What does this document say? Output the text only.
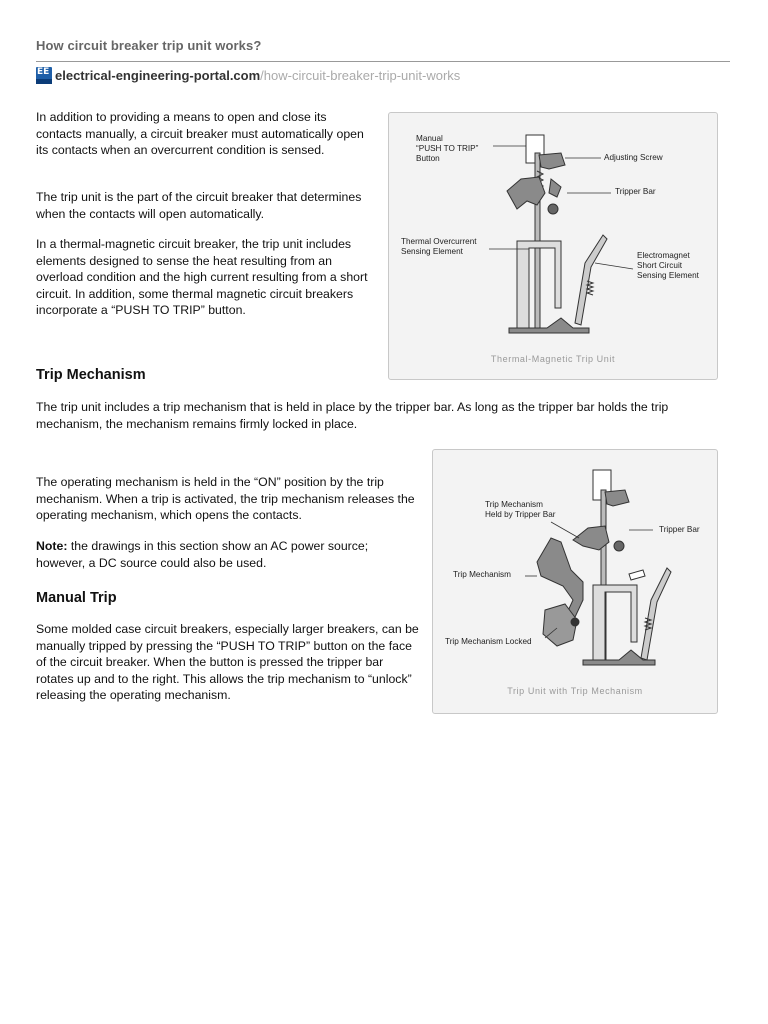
How circuit breaker trip unit works?
EE electrical-engineering-portal.com /how-circuit-breaker-trip-unit-works

In addition to providing a means to open and close its contacts manually, a circuit breaker must automatically open its contacts when an overcurrent condition is sensed.

The trip unit is the part of the circuit breaker that determines when the contacts will open automatically.

In a thermal-magnetic circuit breaker, the trip unit includes elements designed to sense the heat resulting from an overload condition and the high current resulting from a short circuit. In addition, some thermal magnetic circuit breakers incorporate a “PUSH TO TRIP” button.

Manual
“PUSH TO TRIP”
Button	Adjusting Screw
Tripper Bar
Thermal Overcurrent
Sensing Element	Electromagnet
Short Circuit
Sensing Element
Thermal-Magnetic Trip Unit
Trip Mechanism

The trip unit includes a trip mechanism that is held in place by the tripper bar. As long as the tripper bar holds the trip mechanism, the mechanism remains firmly locked in place.

The operating mechanism is held in the “ON” position by the trip mechanism. When a trip is activated, the trip mechanism releases the operating mechanism, which opens the contacts.

Note: the drawings in this section show an AC power source; however, a DC source could also be used.

Trip Mechanism
Held by Tripper Bar
Tripper Bar
Trip Mechanism
Trip Mechanism Locked
Trip Unit with Trip Mechanism
Manual Trip

Some molded case circuit breakers, especially larger breakers, can be manually tripped by pressing the “PUSH TO TRIP” button on the face of the circuit breaker. When the button is pressed the tripper bar rotates up and to the right. This allows the trip mechanism to “unlock” releasing the operating mechanism.
